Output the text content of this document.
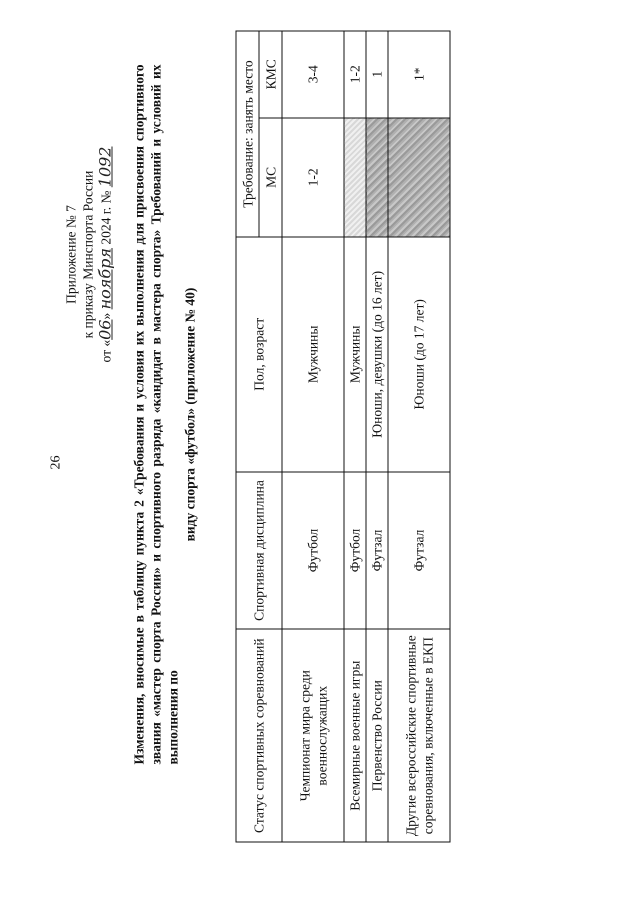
26
Приложение № 7 к приказу Минспорта России
от «06» ноября 2024 г. № 1092 Изменения, вносимые в таблицу пункта 2 «Требования и условия их выполнения для присвоения спортивного звания «мастер спорта России» и спортивного разряда «кандидат в мастера спорта» Требований и условий их выполнения по
виду спорта «футбол» (приложение № 40)
Статус спортивных соревнований	Спортивная дисциплина	Пол, возраст	Требование: занять место	
			МС	КМС
Чемпионат мира среди военнослужащих	Футбол	Мужчины	1-2	3-4
Всемирные военные игры	Футбол	Мужчины		1-2
Первенство России	Футзал	Юноши, девушки (до 16 лет)		1
Другие всероссийские спортивные соревнования, включенные в ЕКП	Футзал	Юноши (до 17 лет)		1*
